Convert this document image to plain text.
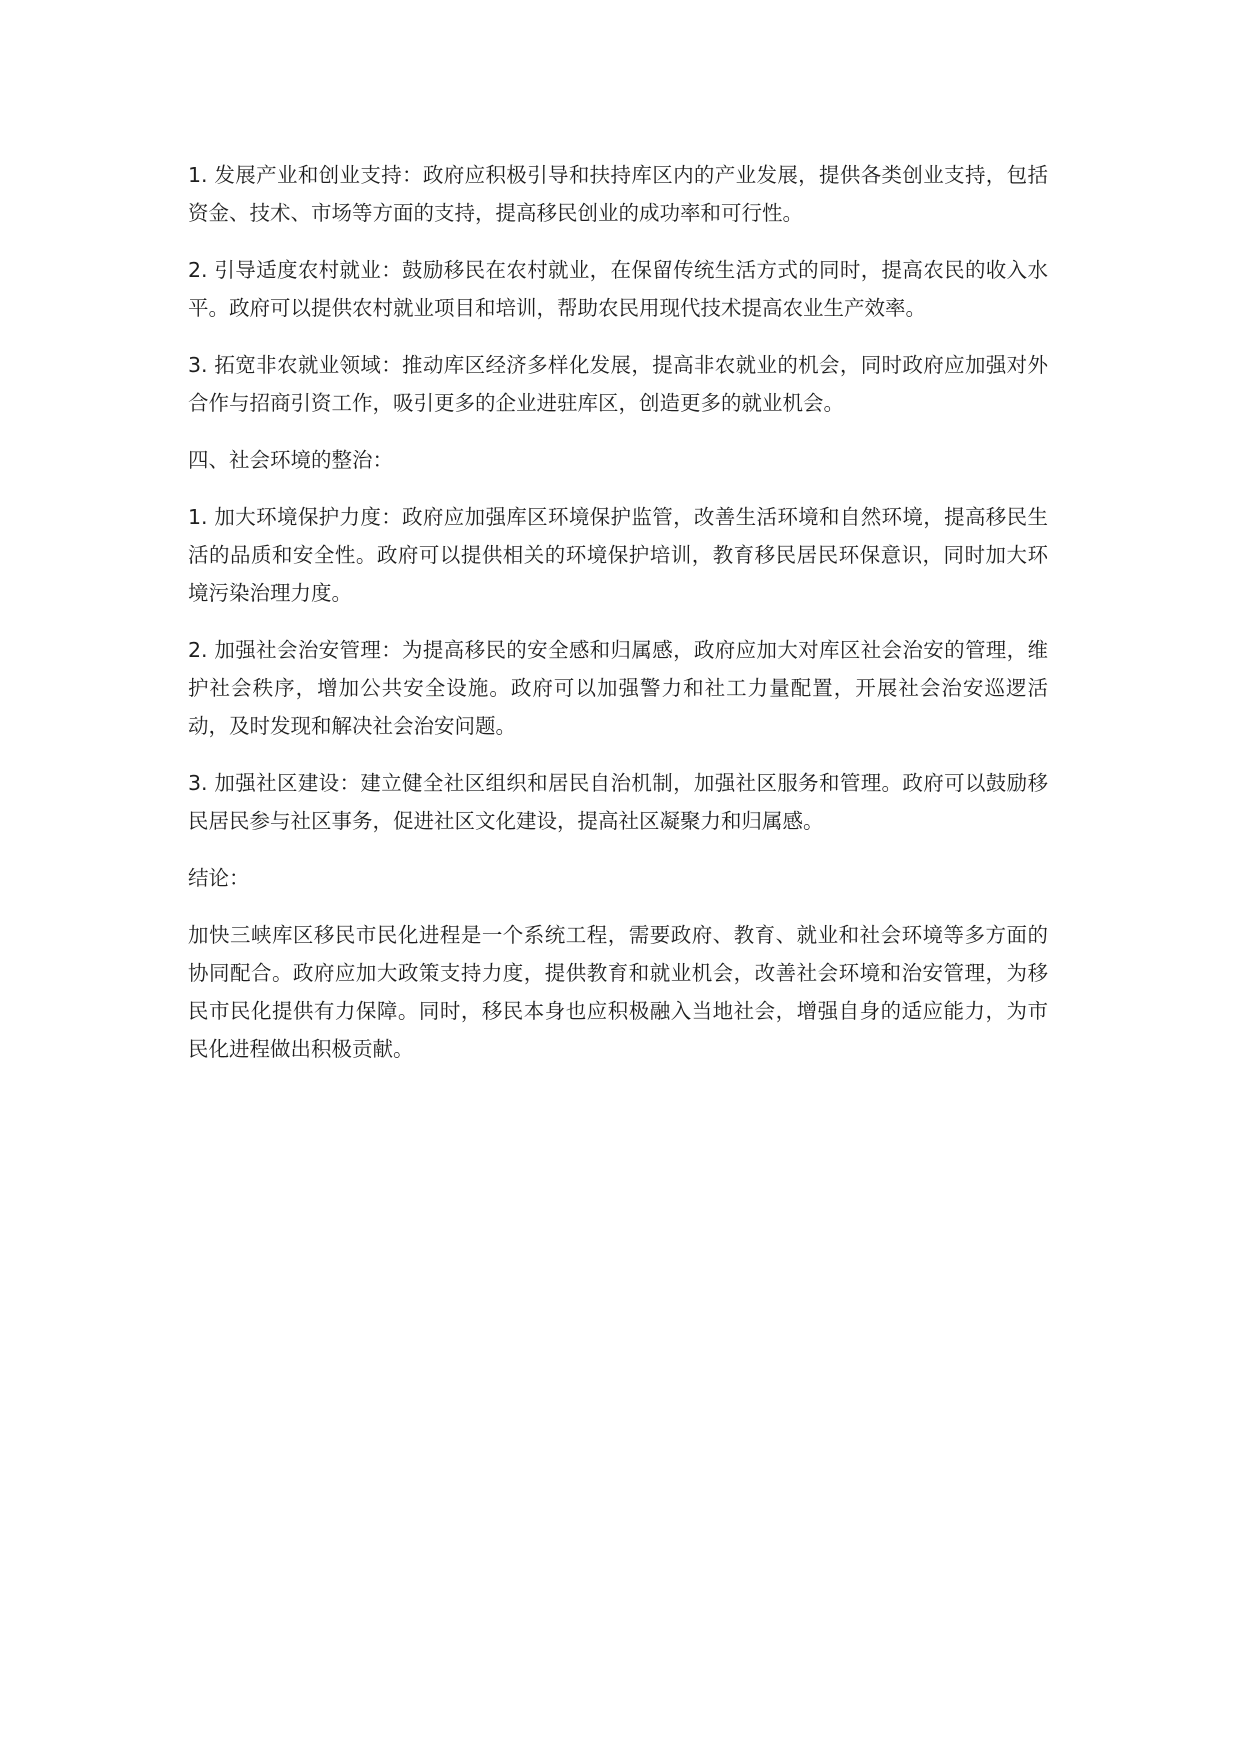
1. 发展产业和创业支持：政府应积极引导和扶持库区内的产业发展，提供各类创业支持，包括资金、技术、市场等方面的支持，提高移民创业的成功率和可行性。

2. 引导适度农村就业：鼓励移民在农村就业，在保留传统生活方式的同时，提高农民的收入水平。政府可以提供农村就业项目和培训，帮助农民用现代技术提高农业生产效率。

3. 拓宽非农就业领域：推动库区经济多样化发展，提高非农就业的机会，同时政府应加强对外合作与招商引资工作，吸引更多的企业进驻库区，创造更多的就业机会。

四、社会环境的整治：

1. 加大环境保护力度：政府应加强库区环境保护监管，改善生活环境和自然环境，提高移民生活的品质和安全性。政府可以提供相关的环境保护培训，教育移民居民环保意识，同时加大环境污染治理力度。

2. 加强社会治安管理：为提高移民的安全感和归属感，政府应加大对库区社会治安的管理，维护社会秩序，增加公共安全设施。政府可以加强警力和社工力量配置，开展社会治安巡逻活动，及时发现和解决社会治安问题。

3. 加强社区建设：建立健全社区组织和居民自治机制，加强社区服务和管理。政府可以鼓励移民居民参与社区事务，促进社区文化建设，提高社区凝聚力和归属感。

结论：

加快三峡库区移民市民化进程是一个系统工程，需要政府、教育、就业和社会环境等多方面的协同配合。政府应加大政策支持力度，提供教育和就业机会，改善社会环境和治安管理，为移民市民化提供有力保障。同时，移民本身也应积极融入当地社会，增强自身的适应能力，为市民化进程做出积极贡献。
